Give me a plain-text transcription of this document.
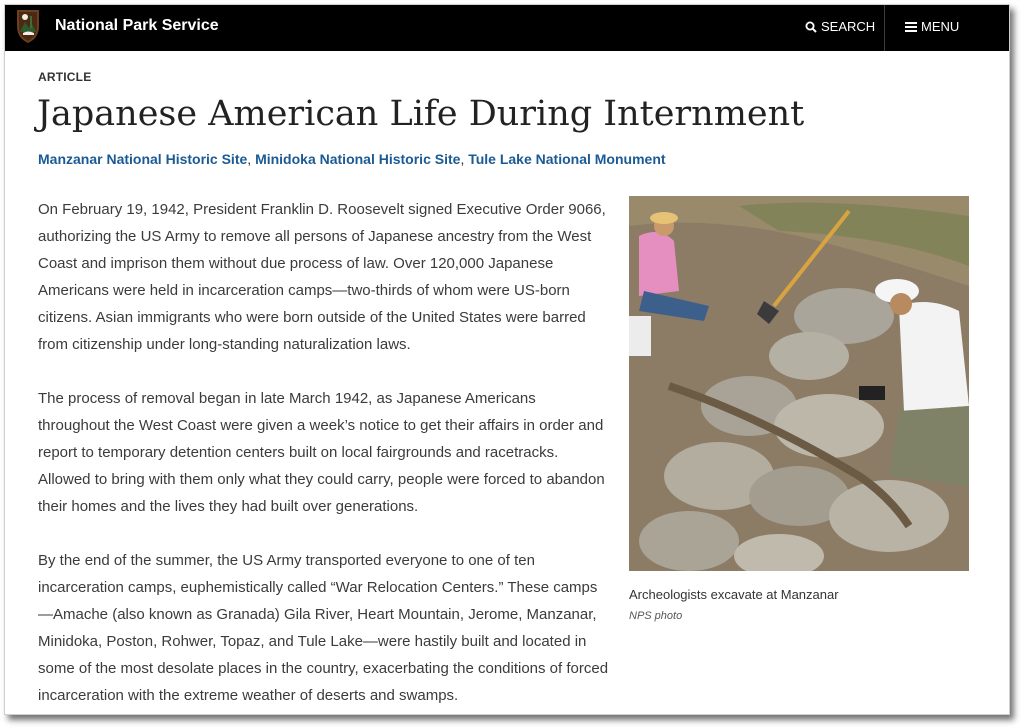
National Park Service	SEARCH	MENU
ARTICLE
Japanese American Life During Internment
Manzanar National Historic Site, Minidoka National Historic Site, Tule Lake National Monument

On February 19, 1942, President Franklin D. Roosevelt signed Executive Order 9066, authorizing the US Army to remove all persons of Japanese ancestry from the West Coast and imprison them without due process of law. Over 120,000 Japanese Americans were held in incarceration camps—two-thirds of whom were US-born citizens. Asian immigrants who were born outside of the United States were barred from citizenship under long-standing naturalization laws.

The process of removal began in late March 1942, as Japanese Americans throughout the West Coast were given a week’s notice to get their affairs in order and report to temporary detention centers built on local fairgrounds and racetracks. Allowed to bring with them only what they could carry, people were forced to abandon their homes and the lives they had built over generations.

By the end of the summer, the US Army transported everyone to one of ten incarceration camps, euphemistically called “War Relocation Centers.” These camps—Amache (also known as Granada) Gila River, Heart Mountain, Jerome, Manzanar, Minidoka, Poston, Rohwer, Topaz, and Tule Lake—were hastily built and located in some of the most desolate places in the country, exacerbating the conditions of forced incarceration with the extreme weather of deserts and swamps.

Archeologists excavate at Manzanar
NPS photo
